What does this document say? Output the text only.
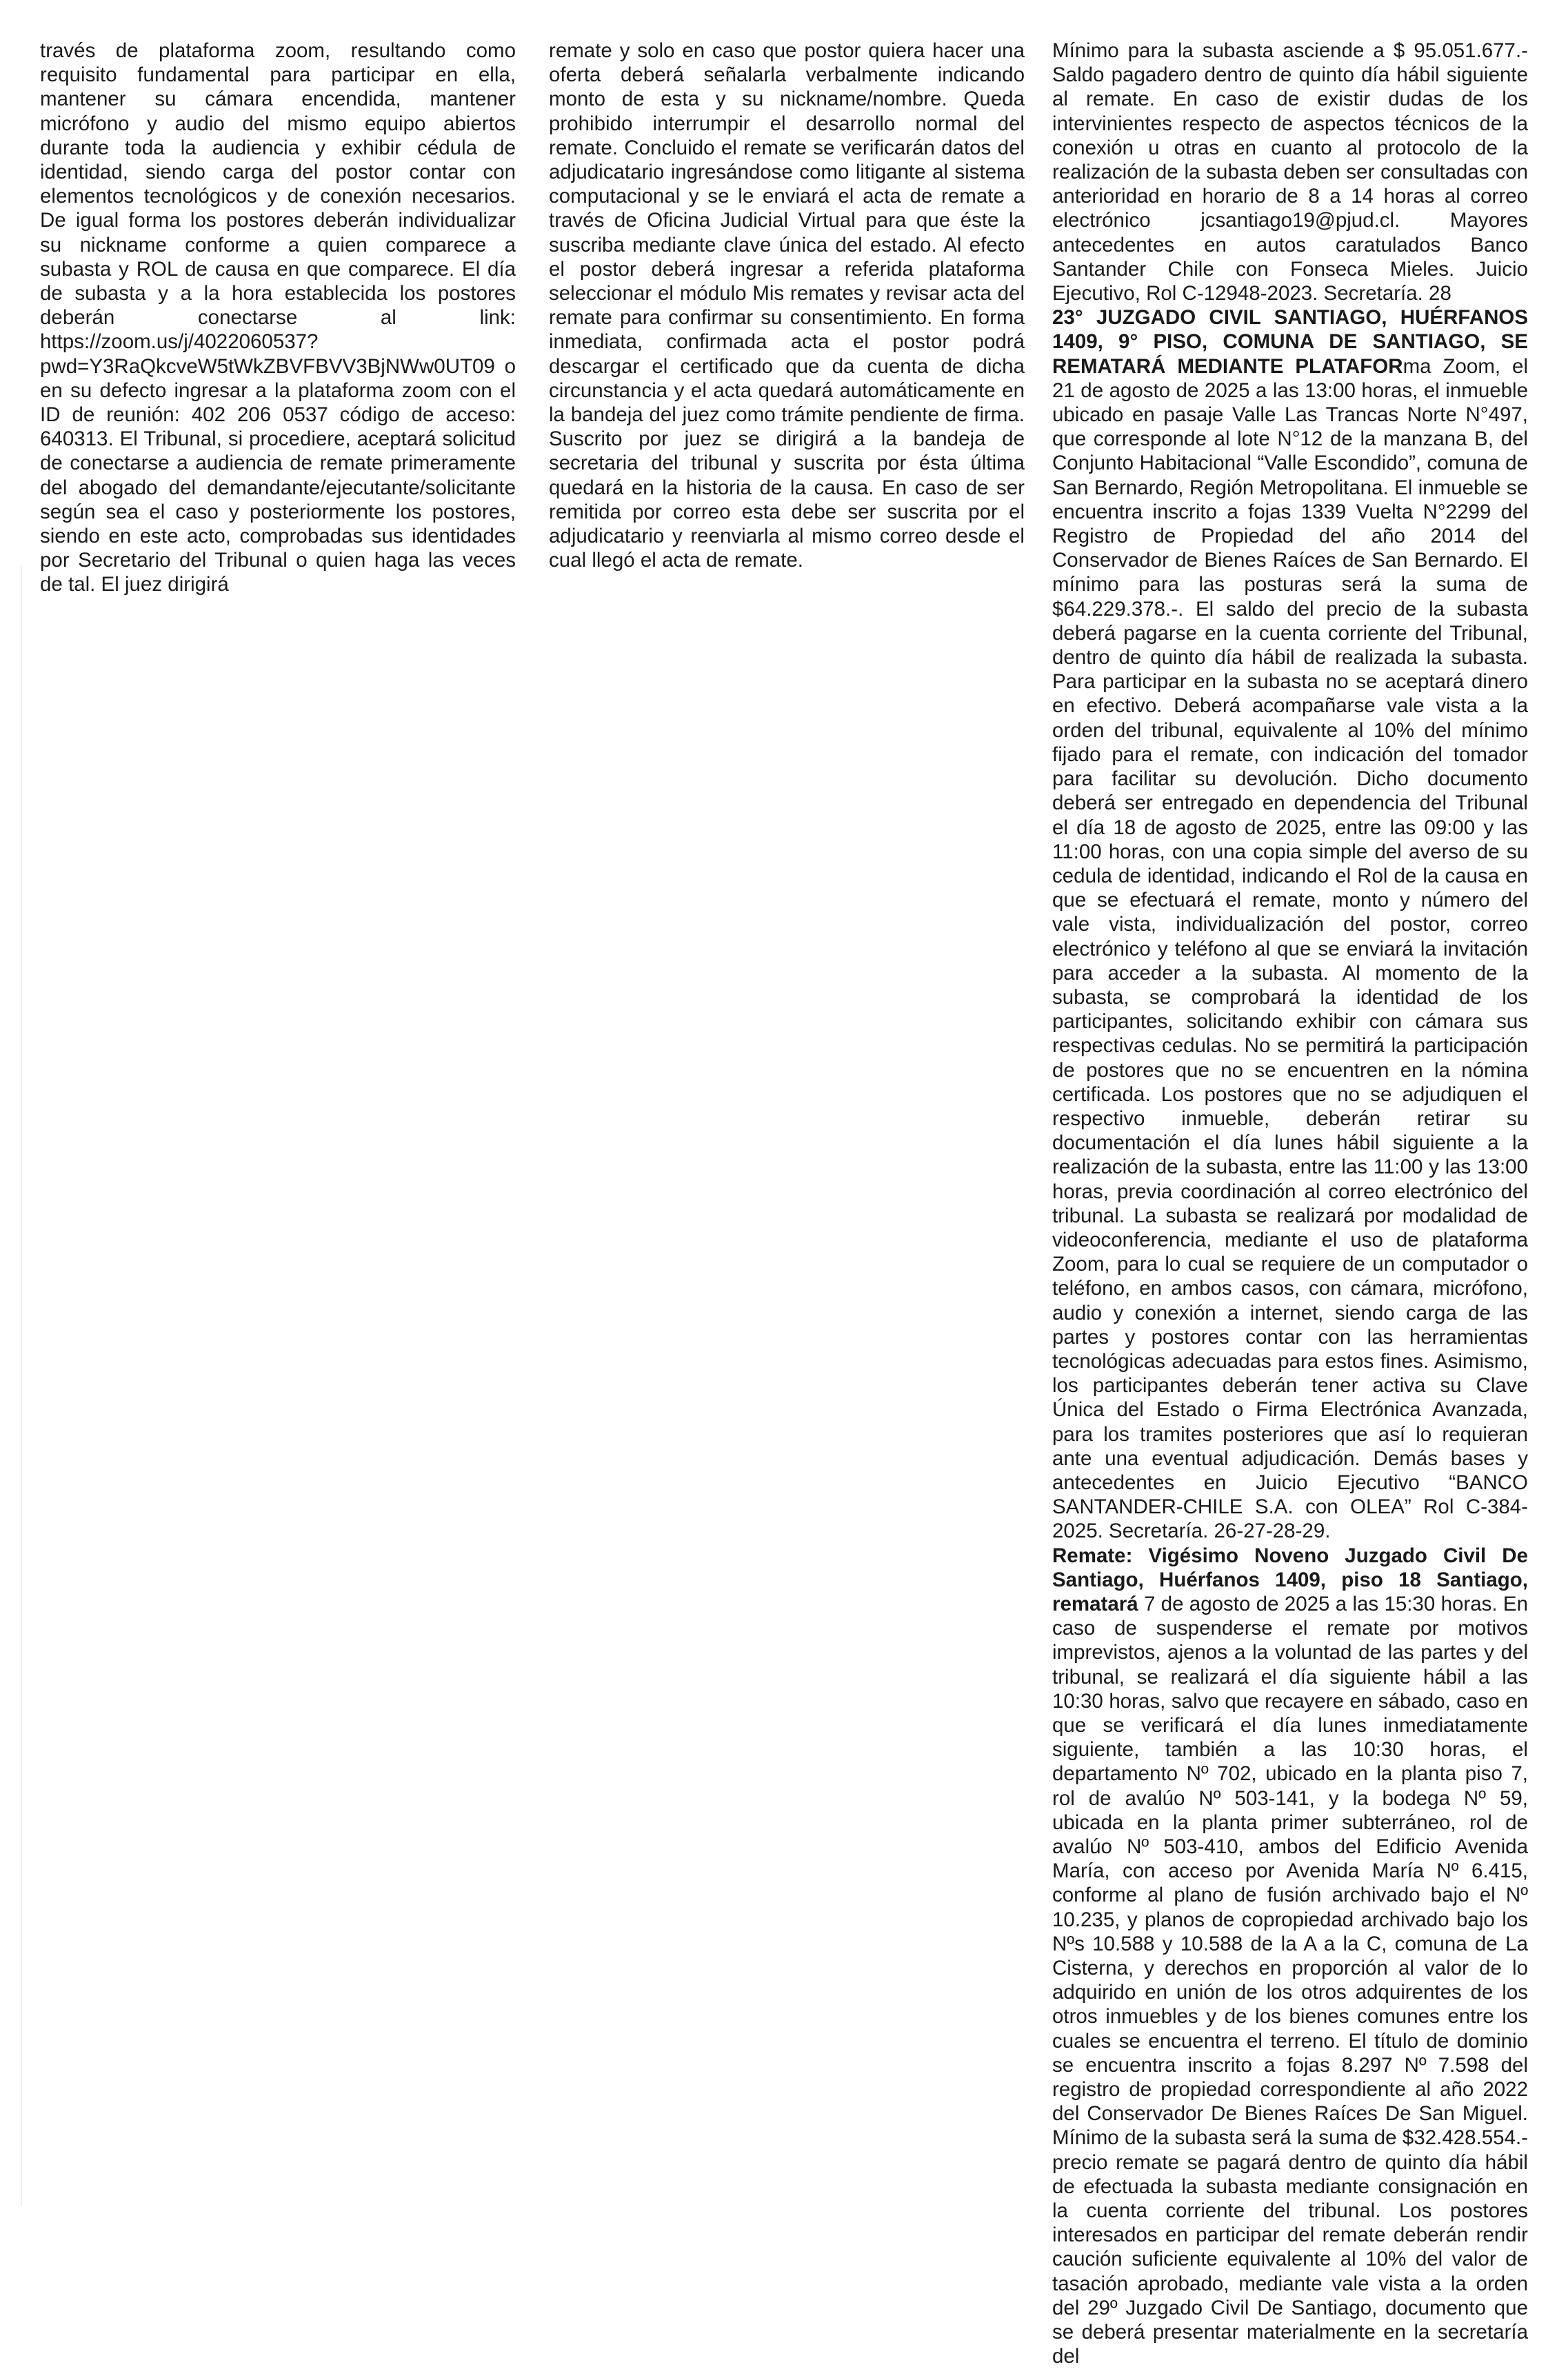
través de plataforma zoom, resultando como requisito fundamental para participar en ella, mantener su cámara encendida, mantener micrófono y audio del mismo equipo abiertos durante toda la audiencia y exhibir cédula de identidad, siendo carga del postor contar con elementos tecnológicos y de conexión necesarios. De igual forma los postores deberán individualizar su nickname conforme a quien comparece a subasta y ROL de causa en que comparece. El día de subasta y a la hora establecida los postores deberán conectarse al link: https://zoom.us/j/4022060537?pwd=Y3RaQkcveW5tWkZBVFBVV3BjNWw0UT09 o en su defecto ingresar a la plataforma zoom con el ID de reunión: 402 206 0537 código de acceso: 640313. El Tribunal, si procediere, aceptará solicitud de conectarse a audiencia de remate primeramente del abogado del demandante/ejecutante/solicitante según sea el caso y posteriormente los postores, siendo en este acto, comprobadas sus identidades por Secretario del Tribunal o quien haga las veces de tal. El juez dirigirá

remate y solo en caso que postor quiera hacer una oferta deberá señalarla verbalmente indicando monto de esta y su nickname/nombre. Queda prohibido interrumpir el desarrollo normal del remate. Concluido el remate se verificarán datos del adjudicatario ingresándose como litigante al sistema computacional y se le enviará el acta de remate a través de Oficina Judicial Virtual para que éste la suscriba mediante clave única del estado. Al efecto el postor deberá ingresar a referida plataforma seleccionar el módulo Mis remates y revisar acta del remate para confirmar su consentimiento. En forma inmediata, confirmada acta el postor podrá descargar el certificado que da cuenta de dicha circunstancia y el acta quedará automáticamente en la bandeja del juez como trámite pendiente de firma. Suscrito por juez se dirigirá a la bandeja de secretaria del tribunal y suscrita por ésta última quedará en la historia de la causa. En caso de ser remitida por correo esta debe ser suscrita por el adjudicatario y reenviarla al mismo correo desde el cual llegó el acta de remate.

Mínimo para la subasta asciende a $ 95.051.677.- Saldo pagadero dentro de quinto día hábil siguiente al remate. En caso de existir dudas de los intervinientes respecto de aspectos técnicos de la conexión u otras en cuanto al protocolo de la realización de la subasta deben ser consultadas con anterioridad en horario de 8 a 14 horas al correo electrónico jcsantiago19@pjud.cl. Mayores antecedentes en autos caratulados Banco Santander Chile con Fonseca Mieles. Juicio Ejecutivo, Rol C-12948-2023. Secretaría. 28

23° JUZGADO CIVIL SANTIAGO, HUÉRFANOS 1409, 9° PISO, COMUNA DE SANTIAGO, SE REMATARÁ MEDIANTE PLATAFORma Zoom, el 21 de agosto de 2025 a las 13:00 horas, el inmueble ubicado en pasaje Valle Las Trancas Norte N°497, que corresponde al lote N°12 de la manzana B, del Conjunto Habitacional “Valle Escondido”, comuna de San Bernardo, Región Metropolitana. El inmueble se encuentra inscrito a fojas 1339 Vuelta N°2299 del Registro de Propiedad del año 2014 del Conservador de Bienes Raíces de San Bernardo. El mínimo para las posturas será la suma de $64.229.378.-. El saldo del precio de la subasta deberá pagarse en la cuenta corriente del Tribunal, dentro de quinto día hábil de realizada la subasta. Para participar en la subasta no se aceptará dinero en efectivo. Deberá acompañarse vale vista a la orden del tribunal, equivalente al 10% del mínimo fijado para el remate, con indicación del tomador para facilitar su devolución. Dicho documento deberá ser entregado en dependencia del Tribunal el día 18 de agosto de 2025, entre las 09:00 y las 11:00 horas, con una copia simple del averso de su cedula de identidad, indicando el Rol de la causa en que se efectuará el remate, monto y número del vale vista, individualización del postor, correo electrónico y teléfono al que se enviará la invitación para acceder a la subasta. Al momento de la subasta, se comprobará la identidad de los participantes, solicitando exhibir con cámara sus respectivas cedulas. No se permitirá la participación de postores que no se encuentren en la nómina certificada. Los postores que no se adjudiquen el respectivo inmueble, deberán retirar su documentación el día lunes hábil siguiente a la realización de la subasta, entre las 11:00 y las 13:00 horas, previa coordinación al correo electrónico del tribunal. La subasta se realizará por modalidad de videoconferencia, mediante el uso de plataforma Zoom, para lo cual se requiere de un computador o teléfono, en ambos casos, con cámara, micrófono, audio y conexión a internet, siendo carga de las partes y postores contar con las herramientas tecnológicas adecuadas para estos fines. Asimismo, los participantes deberán tener activa su Clave Única del Estado o Firma Electrónica Avanzada, para los tramites posteriores que así lo requieran ante una eventual adjudicación. Demás bases y antecedentes en Juicio Ejecutivo “BANCO SANTANDER-CHILE S.A. con OLEA” Rol C-384-2025. Secretaría. 26-27-28-29.

Remate: Vigésimo Noveno Juzgado Civil De Santiago, Huérfanos 1409, piso 18 Santiago, rematará 7 de agosto de 2025 a las 15:30 horas. En caso de suspenderse el remate por motivos imprevistos, ajenos a la voluntad de las partes y del tribunal, se realizará el día siguiente hábil a las 10:30 horas, salvo que recayere en sábado, caso en que se verificará el día lunes inmediatamente siguiente, también a las 10:30 horas, el departamento Nº 702, ubicado en la planta piso 7, rol de avalúo Nº 503-141, y la bodega Nº 59, ubicada en la planta primer subterráneo, rol de avalúo Nº 503-410, ambos del Edificio Avenida María, con acceso por Avenida María Nº 6.415, conforme al plano de fusión archivado bajo el Nº 10.235, y planos de copropiedad archivado bajo los Nºs 10.588 y 10.588 de la A a la C, comuna de La Cisterna, y derechos en proporción al valor de lo adquirido en unión de los otros adquirentes de los otros inmuebles y de los bienes comunes entre los cuales se encuentra el terreno. El título de dominio se encuentra inscrito a fojas 8.297 Nº 7.598 del registro de propiedad correspondiente al año 2022 del Conservador De Bienes Raíces De San Miguel. Mínimo de la subasta será la suma de $32.428.554.- precio remate se pagará dentro de quinto día hábil de efectuada la subasta mediante consignación en la cuenta corriente del tribunal. Los postores interesados en participar del remate deberán rendir caución suficiente equivalente al 10% del valor de tasación aprobado, mediante vale vista a la orden del 29º Juzgado Civil De Santiago, documento que se deberá presentar materialmente en la secretaría del
